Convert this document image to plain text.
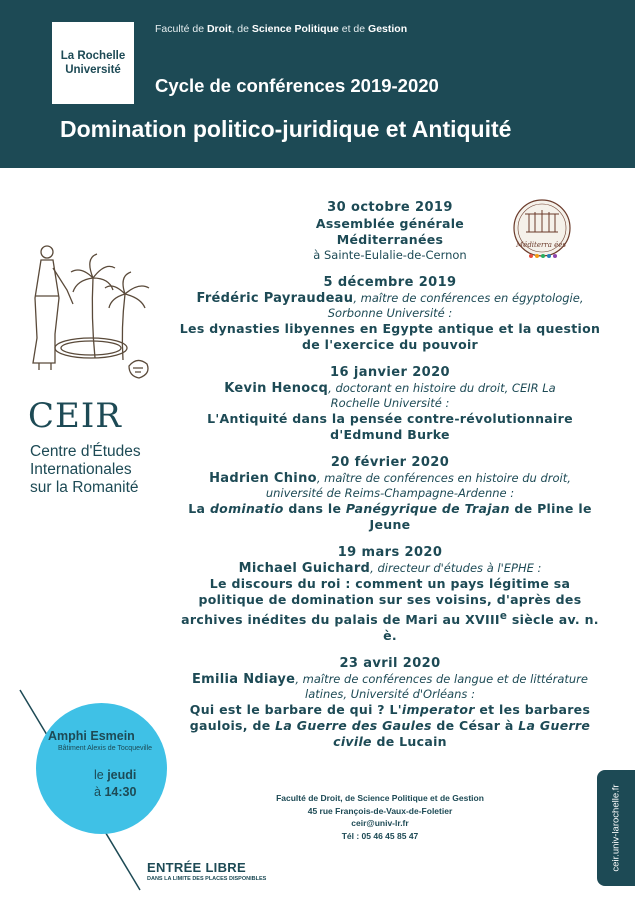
La Rochelle
Université
Faculté de Droit, de Science Politique et de Gestion
Cycle de conférences 2019-2020
Domination politico-juridique et Antiquité
CEIR
Centre d'Études
Internationales
sur la Romanité
Méditerra ées
30 octobre 2019
Assemblée générale
Méditerranées
à Sainte-Eulalie-de-Cernon
5 décembre 2019
Frédéric Payraudeau, maître de conférences en égyptologie,
Sorbonne Université :
Les dynasties libyennes en Egypte antique et la question de l'exercice du pouvoir
16 janvier 2020
Kevin Henocq, doctorant en histoire du droit, CEIR La
Rochelle Université :
L'Antiquité dans la pensée contre-révolutionnaire d'Edmund Burke
20 février 2020
Hadrien Chino, maître de conférences en histoire du droit,
université de Reims-Champagne-Ardenne :
La dominatio dans le Panégyrique de Trajan de Pline le Jeune
19 mars 2020
Michael Guichard, directeur d'études à l'EPHE :
Le discours du roi : comment un pays légitime sa politique de domination sur ses voisins, d'après des archives inédites du palais de Mari au XVIIIe siècle av. n. è.
23 avril 2020
Emilia Ndiaye, maître de conférences de langue et de littérature
latines, Université d'Orléans :
Qui est le barbare de qui ? L'imperator et les barbares gaulois, de La Guerre des Gaules de César à La Guerre civile de Lucain
Amphi Esmein
Bâtiment Alexis de Tocqueville
le jeudi
à 14:30	Faculté de Droit, de Science Politique et de Gestion
45 rue François-de-Vaux-de-Foletier
ceir@univ-lr.fr
Tél : 05 46 45 85 47
ENTRÉE LIBRE
DANS LA LIMITE DES PLACES DISPONIBLES
ceir.univ-larochelle.fr
